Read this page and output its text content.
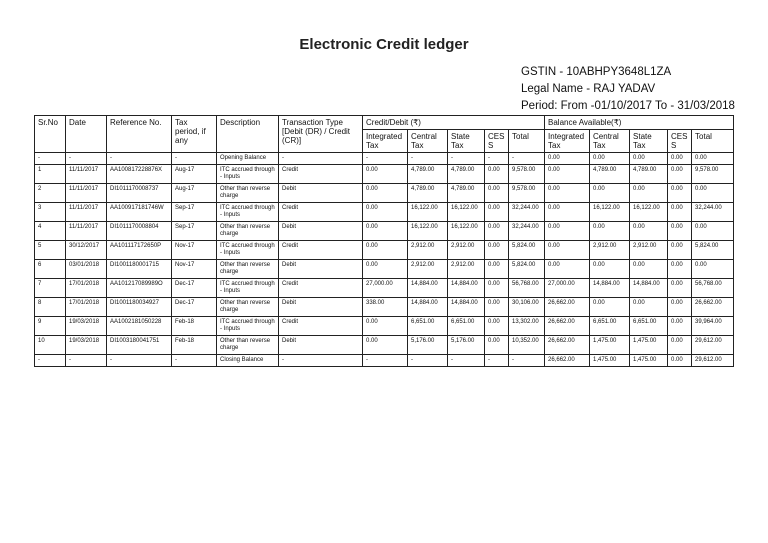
Electronic Credit ledger
GSTIN - 10ABHPY3648L1ZA
Legal Name - RAJ YADAV
Period: From -01/10/2017 To - 31/03/2018
Sr.No	Date	Reference No.	Tax period, if any	Description	Transaction Type [Debit (DR) / Credit (CR)]	Credit/Debit (₹)					Balance Available(₹)				
						Integrated Tax	Central Tax	State Tax	CESS	Total	Integrated Tax	Central Tax	State Tax	CESS	Total
-	-	-	-	Opening Balance	-	-	-	-	-	-	0.00	0.00	0.00	0.00	0.00
1	11/11/2017	AA100817228876X	Aug-17	ITC accrued through - Inputs	Credit	0.00	4,789.00	4,789.00	0.00	9,578.00	0.00	4,789.00	4,789.00	0.00	9,578.00
2	11/11/2017	DI1011170008737	Aug-17	Other than reverse charge	Debit	0.00	4,789.00	4,789.00	0.00	9,578.00	0.00	0.00	0.00	0.00	0.00
3	11/11/2017	AA100917181746W	Sep-17	ITC accrued through - Inputs	Credit	0.00	16,122.00	16,122.00	0.00	32,244.00	0.00	16,122.00	16,122.00	0.00	32,244.00
4	11/11/2017	DI1011170008804	Sep-17	Other than reverse charge	Debit	0.00	16,122.00	16,122.00	0.00	32,244.00	0.00	0.00	0.00	0.00	0.00
5	30/12/2017	AA101117172650P	Nov-17	ITC accrued through - Inputs	Credit	0.00	2,912.00	2,912.00	0.00	5,824.00	0.00	2,912.00	2,912.00	0.00	5,824.00
6	03/01/2018	DI1001180001715	Nov-17	Other than reverse charge	Debit	0.00	2,912.00	2,912.00	0.00	5,824.00	0.00	0.00	0.00	0.00	0.00
7	17/01/2018	AA101217089989O	Dec-17	ITC accrued through - Inputs	Credit	27,000.00	14,884.00	14,884.00	0.00	56,768.00	27,000.00	14,884.00	14,884.00	0.00	56,768.00
8	17/01/2018	DI1001180034927	Dec-17	Other than reverse charge	Debit	338.00	14,884.00	14,884.00	0.00	30,106.00	26,662.00	0.00	0.00	0.00	26,662.00
9	19/03/2018	AA1002181050228	Feb-18	ITC accrued through - Inputs	Credit	0.00	6,651.00	6,651.00	0.00	13,302.00	26,662.00	6,651.00	6,651.00	0.00	39,964.00
10	19/03/2018	DI1003180041751	Feb-18	Other than reverse charge	Debit	0.00	5,176.00	5,176.00	0.00	10,352.00	26,662.00	1,475.00	1,475.00	0.00	29,612.00
-	-	-	-	Closing Balance	-	-	-	-	-	-	26,662.00	1,475.00	1,475.00	0.00	29,612.00
